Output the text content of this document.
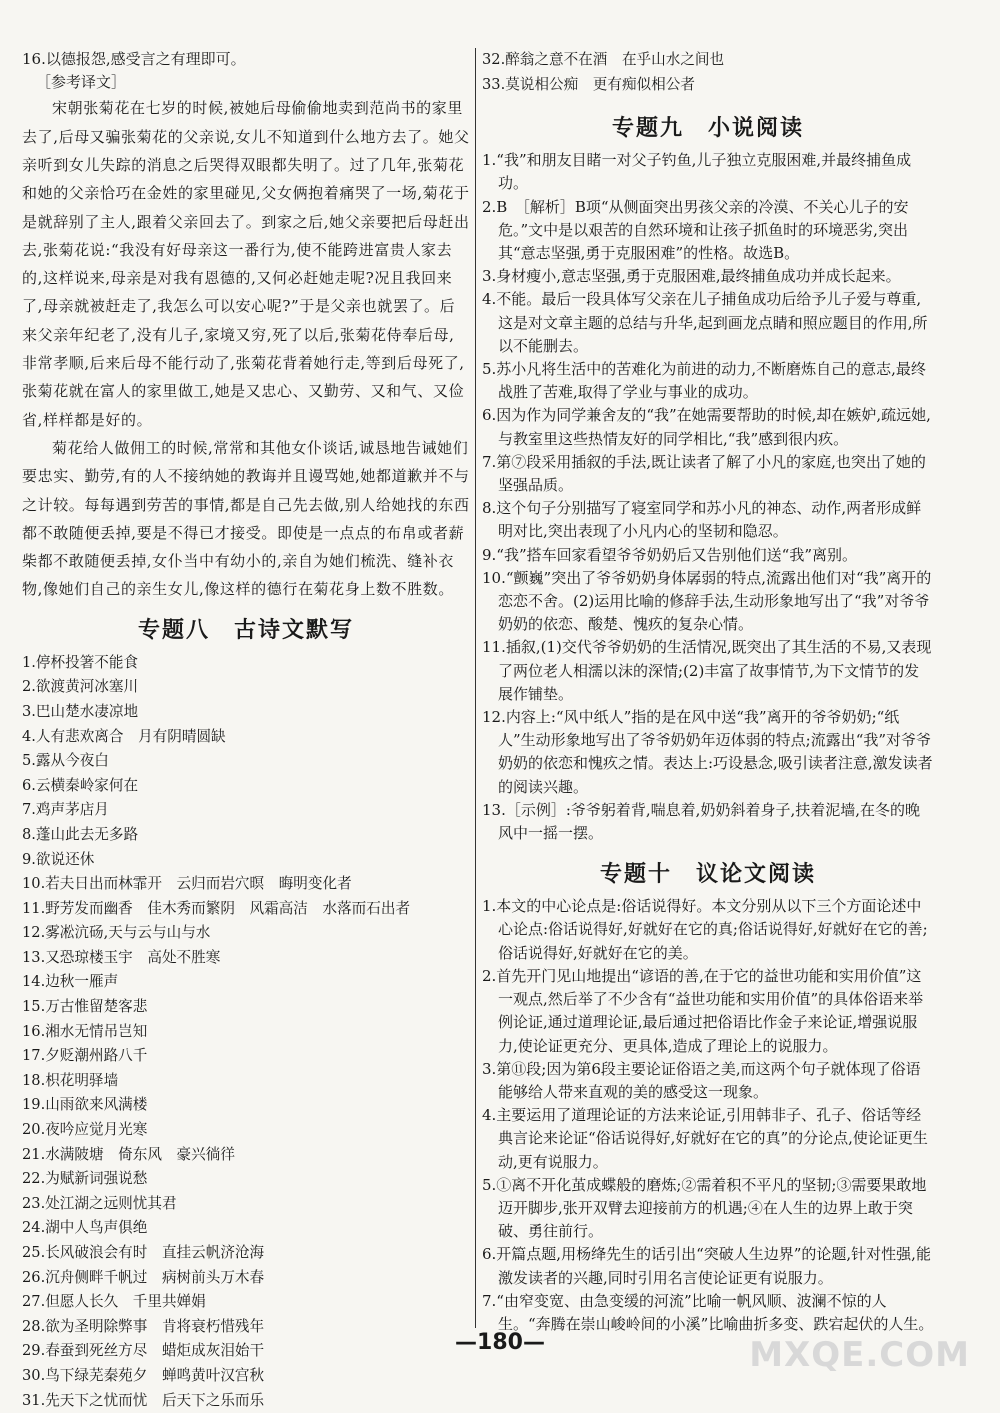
16.以德报怨,感受言之有理即可。

［参考译文］

宋朝张菊花在七岁的时候,被她后母偷偷地卖到范尚书的家里去了,后母又骗张菊花的父亲说,女儿不知道到什么地方去了。她父亲听到女儿失踪的消息之后哭得双眼都失明了。过了几年,张菊花和她的父亲恰巧在金姓的家里碰见,父女俩抱着痛哭了一场,菊花于是就辞别了主人,跟着父亲回去了。到家之后,她父亲要把后母赶出去,张菊花说:“我没有好母亲这一番行为,使不能跨进富贵人家去的,这样说来,母亲是对我有恩德的,又何必赶她走呢?况且我回来了,母亲就被赶走了,我怎么可以安心呢?”于是父亲也就罢了。后来父亲年纪老了,没有儿子,家境又穷,死了以后,张菊花侍奉后母,非常孝顺,后来后母不能行动了,张菊花背着她行走,等到后母死了,张菊花就在富人的家里做工,她是又忠心、又勤劳、又和气、又俭省,样样都是好的。

菊花给人做佣工的时候,常常和其他女仆谈话,诚恳地告诫她们要忠实、勤劳,有的人不接纳她的教诲并且谩骂她,她都道歉并不与之计较。每每遇到劳苦的事情,都是自己先去做,别人给她找的东西都不敢随便丢掉,要是不得已才接受。即使是一点点的布帛或者薪柴都不敢随便丢掉,女仆当中有幼小的,亲自为她们梳洗、缝补衣物,像她们自己的亲生女儿,像这样的德行在菊花身上数不胜数。

专题八　古诗文默写
1.停杯投箸不能食
2.欲渡黄河冰塞川
3.巴山楚水凄凉地
4.人有悲欢离合　月有阴晴圆缺
5.露从今夜白
6.云横秦岭家何在
7.鸡声茅店月
8.蓬山此去无多路
9.欲说还休
10.若夫日出而林霏开　云归而岩穴暝　晦明变化者
11.野芳发而幽香　佳木秀而繁阴　风霜高洁　水落而石出者
12.雾凇沆砀,天与云与山与水
13.又恐琼楼玉宇　高处不胜寒
14.边秋一雁声
15.万古惟留楚客悲
16.湘水无情吊岂知
17.夕贬潮州路八千
18.枳花明驿墙
19.山雨欲来风满楼
20.夜吟应觉月光寒
21.水满陂塘　倚东风　豪兴徜徉
22.为赋新词强说愁
23.处江湖之远则忧其君
24.湖中人鸟声俱绝
25.长风破浪会有时　直挂云帆济沧海
26.沉舟侧畔千帆过　病树前头万木春
27.但愿人长久　千里共婵娟
28.欲为圣明除弊事　肯将衰朽惜残年
29.春蚕到死丝方尽　蜡炬成灰泪始干
30.鸟下绿芜秦苑夕　蝉鸣黄叶汉宫秋
31.先天下之忧而忧　后天下之乐而乐
32.醉翁之意不在酒　在乎山水之间也
33.莫说相公痴　更有痴似相公者
专题九　小说阅读

1.“我”和朋友目睹一对父子钓鱼,儿子独立克服困难,并最终捕鱼成功。

2.B　［解析］B项“从侧面突出男孩父亲的冷漠、不关心儿子的安危。”文中是以艰苦的自然环境和让孩子抓鱼时的环境恶劣,突出其“意志坚强,勇于克服困难”的性格。故选B。

3.身材瘦小,意志坚强,勇于克服困难,最终捕鱼成功并成长起来。

4.不能。最后一段具体写父亲在儿子捕鱼成功后给予儿子爱与尊重,这是对文章主题的总结与升华,起到画龙点睛和照应题目的作用,所以不能删去。

5.苏小凡将生活中的苦难化为前进的动力,不断磨炼自己的意志,最终战胜了苦难,取得了学业与事业的成功。

6.因为作为同学兼舍友的“我”在她需要帮助的时候,却在嫉妒,疏远她,与教室里这些热情友好的同学相比,“我”感到很内疚。

7.第⑦段采用插叙的手法,既让读者了解了小凡的家庭,也突出了她的坚强品质。

8.这个句子分别描写了寝室同学和苏小凡的神态、动作,两者形成鲜明对比,突出表现了小凡内心的坚韧和隐忍。

9.“我”搭车回家看望爷爷奶奶后又告别他们送“我”离别。

10.“颤巍”突出了爷爷奶奶身体孱弱的特点,流露出他们对“我”离开的恋恋不舍。(2)运用比喻的修辞手法,生动形象地写出了“我”对爷爷奶奶的依恋、酸楚、愧疚的复杂心情。

11.插叙,(1)交代爷爷奶奶的生活情况,既突出了其生活的不易,又表现了两位老人相濡以沫的深情;(2)丰富了故事情节,为下文情节的发展作铺垫。

12.内容上:“风中纸人”指的是在风中送“我”离开的爷爷奶奶;“纸人”生动形象地写出了爷爷奶奶年迈体弱的特点;流露出“我”对爷爷奶奶的依恋和愧疚之情。表达上:巧设悬念,吸引读者注意,激发读者的阅读兴趣。

13.［示例］:爷爷躬着背,喘息着,奶奶斜着身子,扶着泥墙,在冬的晚风中一摇一摆。

专题十　议论文阅读

1.本文的中心论点是:俗话说得好。本文分别从以下三个方面论述中心论点:俗话说得好,好就好在它的真;俗话说得好,好就好在它的善;俗话说得好,好就好在它的美。

2.首先开门见山地提出“谚语的善,在于它的益世功能和实用价值”这一观点,然后举了不少含有“益世功能和实用价值”的具体俗语来举例论证,通过道理论证,最后通过把俗语比作金子来论证,增强说服力,使论证更充分、更具体,造成了理论上的说服力。

3.第⑪段;因为第6段主要论证俗语之美,而这两个句子就体现了俗语能够给人带来直观的美的感受这一现象。

4.主要运用了道理论证的方法来论证,引用韩非子、孔子、俗话等经典言论来论证“俗话说得好,好就好在它的真”的分论点,使论证更生动,更有说服力。

5.①离不开化茧成蝶般的磨炼;②需着积不平凡的坚韧;③需要果敢地迈开脚步,张开双臂去迎接前方的机遇;④在人生的边界上敢于突破、勇往前行。

6.开篇点题,用杨绛先生的话引出“突破人生边界”的论题,针对性强,能激发读者的兴趣,同时引用名言使论证更有说服力。

7.“由窄变宽、由急变缓的河流”比喻一帆风顺、波澜不惊的人生。“奔腾在崇山峻岭间的小溪”比喻曲折多变、跌宕起伏的人生。

—180—	MXQE.COM
